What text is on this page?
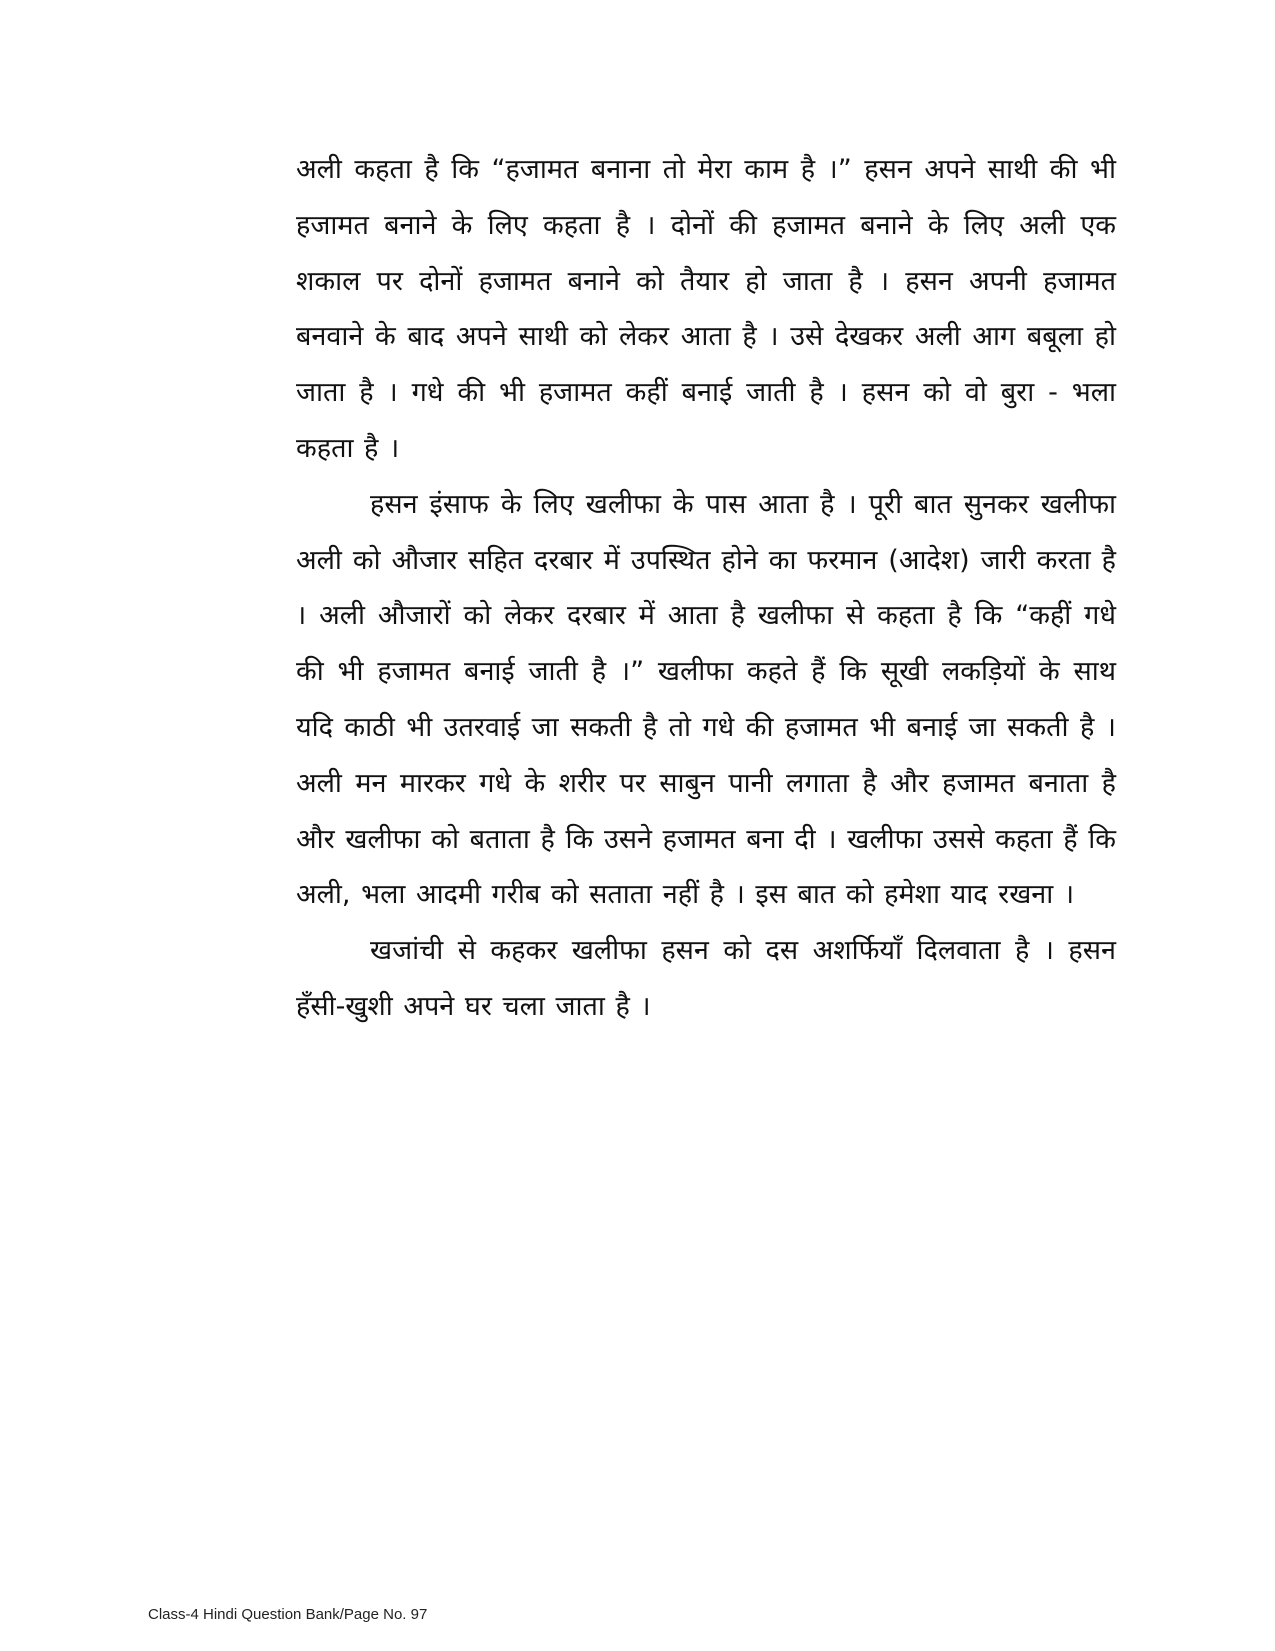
अली कहता है कि “हजामत बनाना तो मेरा काम है ।” हसन अपने साथी की भी हजामत बनाने के लिए कहता है । दोनों की हजामत बनाने के लिए अली एक शकाल पर दोनों हजामत बनाने को तैयार हो जाता है । हसन अपनी हजामत बनवाने के बाद अपने साथी को लेकर आता है । उसे देखकर अली आग बबूला हो जाता है । गधे की भी हजामत कहीं बनाई जाती है । हसन को वो बुरा - भला कहता है ।

हसन इंसाफ के लिए खलीफा के पास आता है । पूरी बात सुनकर खलीफा अली को औजार सहित दरबार में उपस्थित होने का फरमान (आदेश) जारी करता है । अली औजारों को लेकर दरबार में आता है खलीफा से कहता है कि “कहीं गधे की भी हजामत बनाई जाती है ।” खलीफा कहते हैं कि सूखी लकड़ियों के साथ यदि काठी भी उतरवाई जा सकती है तो गधे की हजामत भी बनाई जा सकती है । अली मन मारकर गधे के शरीर पर साबुन पानी लगाता है और हजामत बनाता है और खलीफा को बताता है कि उसने हजामत बना दी । खलीफा उससे कहता हैं कि अली, भला आदमी गरीब को सताता नहीं है । इस बात को हमेशा याद रखना ।

खजांची से कहकर खलीफा हसन को दस अशर्फियाँ दिलवाता है । हसन हँसी-खुशी अपने घर चला जाता है ।

Class-4 Hindi Question Bank/Page No. 97
